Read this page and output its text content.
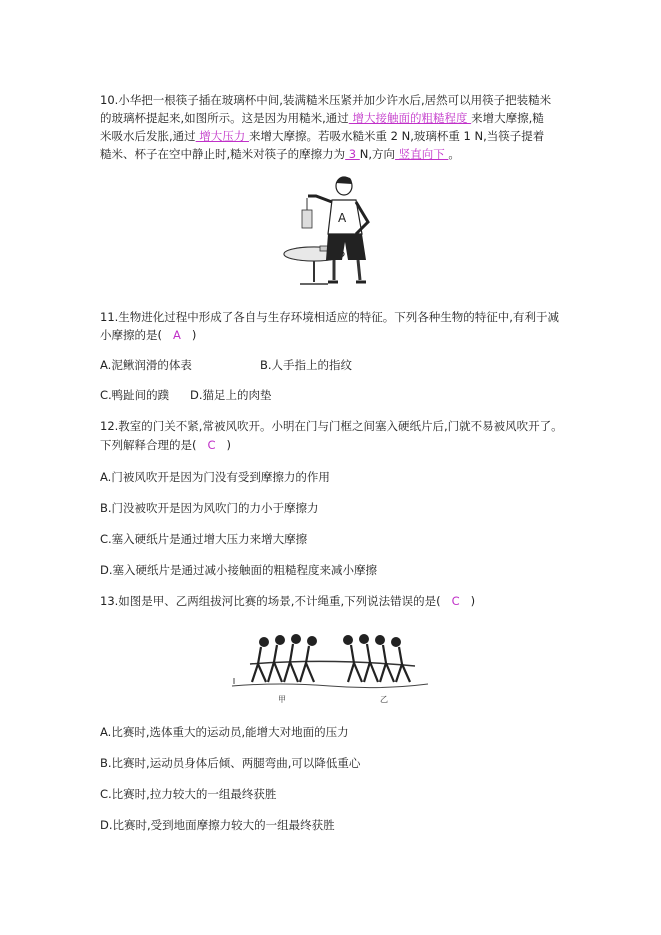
10.小华把一根筷子插在玻璃杯中间,装满糙米压紧并加少许水后,居然可以用筷子把装糙米
的玻璃杯提起来,如图所示。这是因为用糙米,通过 增大接触面的粗糙程度 来增大摩擦,糙
米吸水后发胀,通过 增大压力 来增大摩擦。若吸水糙米重 2 N,玻璃杯重 1 N,当筷子提着
糙米、杯子在空中静止时,糙米对筷子的摩擦力为 3 N,方向 竖直向下 。
A
11.生物进化过程中形成了各自与生存环境相适应的特征。下列各种生物的特征中,有利于减
小摩擦的是( A )
A.泥鳅润滑的体表	B.人手指上的指纹
C.鸭趾间的蹼 D.猫足上的肉垫
12.教室的门关不紧,常被风吹开。小明在门与门框之间塞入硬纸片后,门就不易被风吹开了。
下列解释合理的是( C )
A.门被风吹开是因为门没有受到摩擦力的作用
B.门没被吹开是因为风吹门的力小于摩擦力
C.塞入硬纸片是通过增大压力来增大摩擦
D.塞入硬纸片是通过减小接触面的粗糙程度来减小摩擦
13.如图是甲、乙两组拔河比赛的场景,不计绳重,下列说法错误的是( C )
甲	乙
A.比赛时,选体重大的运动员,能增大对地面的压力
B.比赛时,运动员身体后倾、两腿弯曲,可以降低重心
C.比赛时,拉力较大的一组最终获胜
D.比赛时,受到地面摩擦力较大的一组最终获胜
